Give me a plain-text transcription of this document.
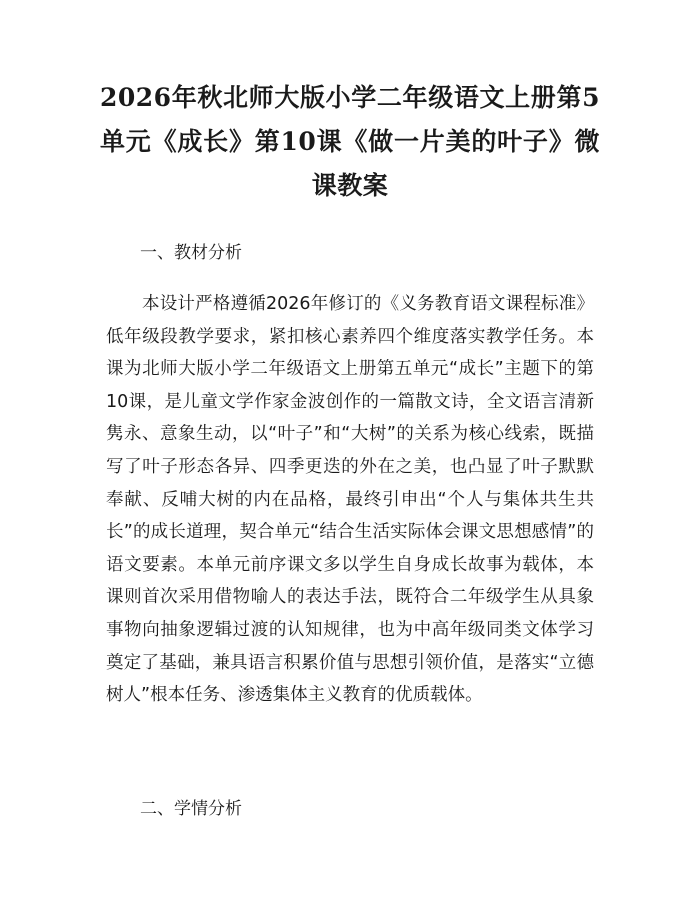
2026年秋北师大版小学二年级语文上册第5单元《成长》第10课《做一片美的叶子》微课教案
一、教材分析

本设计严格遵循2026年修订的《义务教育语文课程标准》低年级段教学要求，紧扣核心素养四个维度落实教学任务。本课为北师大版小学二年级语文上册第五单元“成长”主题下的第10课，是儿童文学作家金波创作的一篇散文诗，全文语言清新隽永、意象生动，以“叶子”和“大树”的关系为核心线索，既描写了叶子形态各异、四季更迭的外在之美，也凸显了叶子默默奉献、反哺大树的内在品格，最终引申出“个人与集体共生共长”的成长道理，契合单元“结合生活实际体会课文思想感情”的语文要素。本单元前序课文多以学生自身成长故事为载体，本课则首次采用借物喻人的表达手法，既符合二年级学生从具象事物向抽象逻辑过渡的认知规律，也为中高年级同类文体学习奠定了基础，兼具语言积累价值与思想引领价值，是落实“立德树人”根本任务、渗透集体主义教育的优质载体。

二、学情分析
